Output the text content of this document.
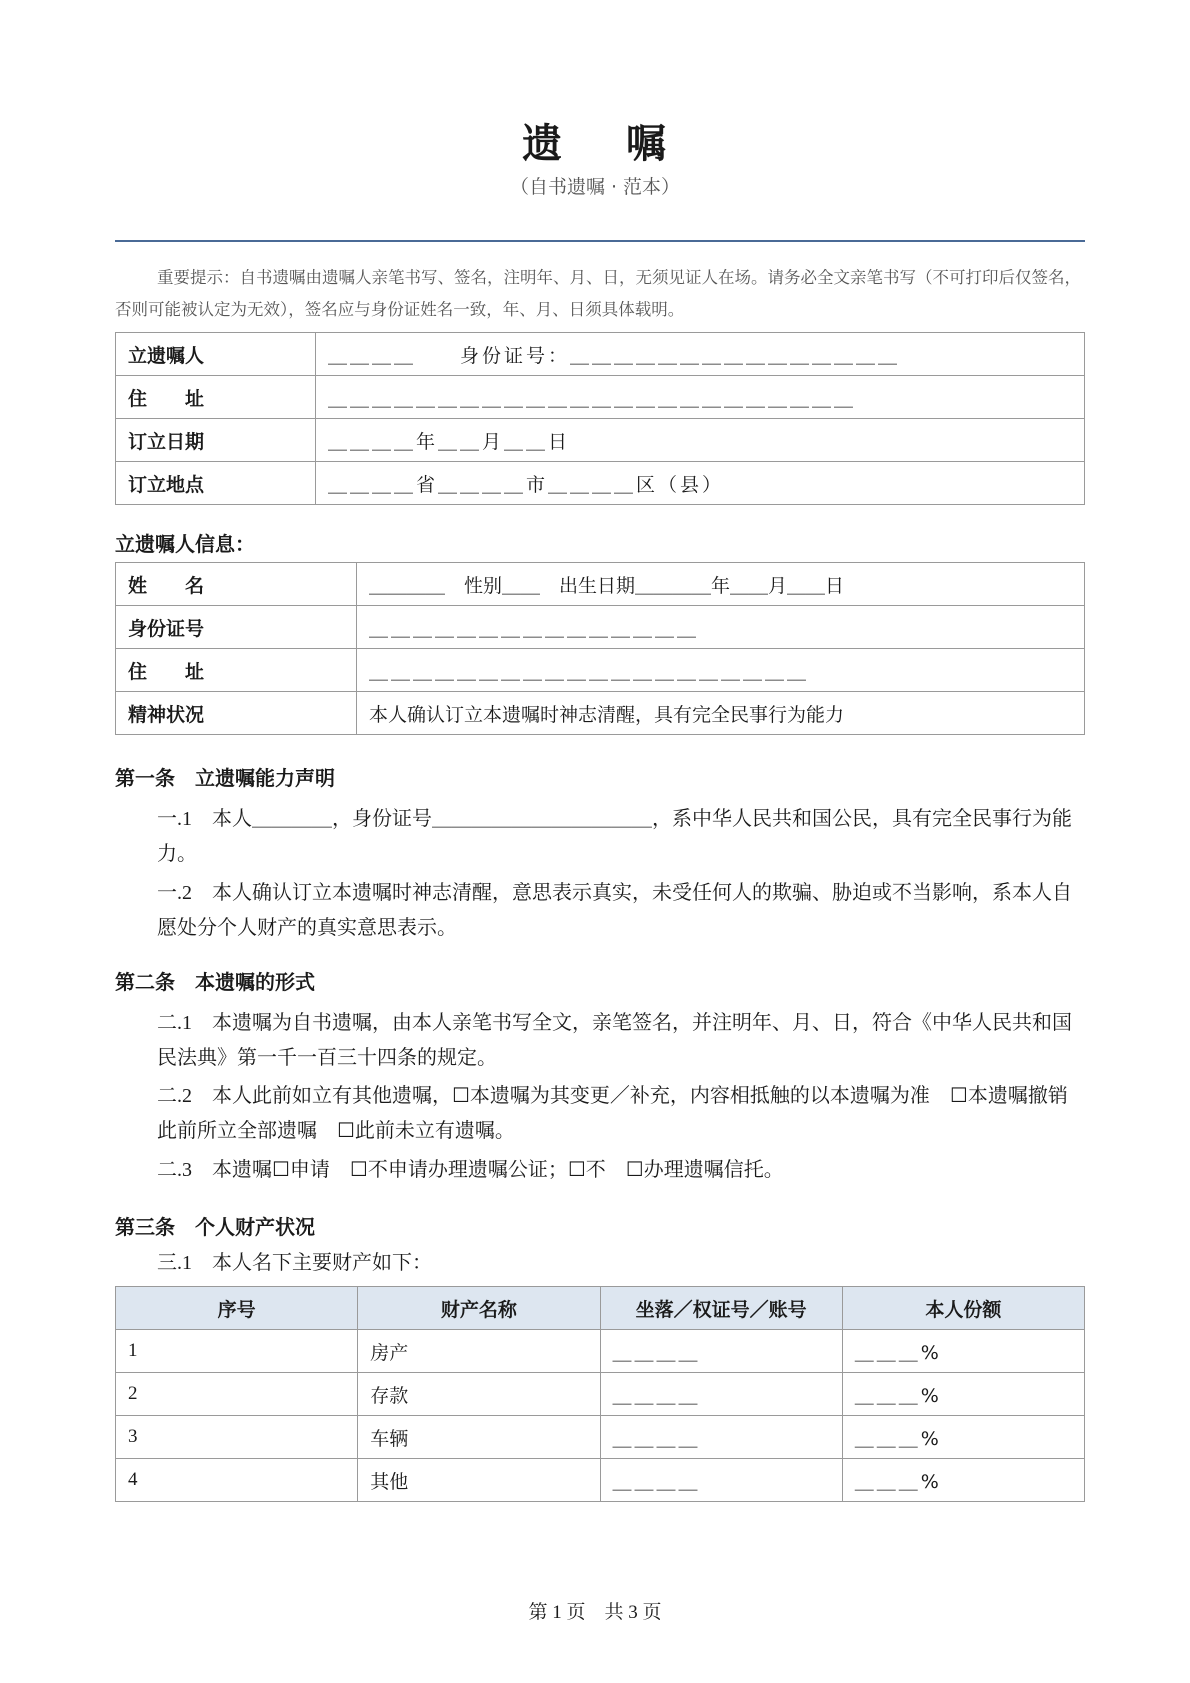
遗 嘱
（自书遗嘱 · 范本）
重要提示：自书遗嘱由遗嘱人亲笔书写、签名，注明年、月、日，无须见证人在场。请务必全文亲笔书写（不可打印后仅签名，否则可能被认定为无效），签名应与身份证姓名一致，年、月、日须具体载明。
立遗嘱人	＿＿＿＿　　身份证号：＿＿＿＿＿＿＿＿＿＿＿＿＿＿＿
住　　址	＿＿＿＿＿＿＿＿＿＿＿＿＿＿＿＿＿＿＿＿＿＿＿＿
订立日期	＿＿＿＿年＿＿月＿＿日
订立地点	＿＿＿＿省＿＿＿＿市＿＿＿＿区（县）
立遗嘱人信息：
姓　　名	＿＿＿＿　性别＿＿　出生日期＿＿＿＿年＿＿月＿＿日
身份证号	＿＿＿＿＿＿＿＿＿＿＿＿＿＿＿
住　　址	＿＿＿＿＿＿＿＿＿＿＿＿＿＿＿＿＿＿＿＿
精神状况	本人确认订立本遗嘱时神志清醒，具有完全民事行为能力
第一条　立遗嘱能力声明
一.1　 本人＿＿＿＿，身份证号＿＿＿＿＿＿＿＿＿＿＿，系中华人民共和国公民，具有完全民事行为能力。
一.2　 本人确认订立本遗嘱时神志清醒，意思表示真实，未受任何人的欺骗、胁迫或不当影响，系本人自愿处分个人财产的真实意思表示。
第二条　本遗嘱的形式
二.1　 本遗嘱为自书遗嘱，由本人亲笔书写全文，亲笔签名，并注明年、月、日，符合《中华人民共和国民法典》第一千一百三十四条的规定。
二.2　 本人此前如立有其他遗嘱，☐本遗嘱为其变更／补充，内容相抵触的以本遗嘱为准　☐本遗嘱撤销此前所立全部遗嘱　☐此前未立有遗嘱。
二.3　 本遗嘱☐申请　☐不申请办理遗嘱公证；☐不　☐办理遗嘱信托。
第三条　个人财产状况
三.1　 本人名下主要财产如下：
序号	财产名称	坐落／权证号／账号	本人份额
1	房产	＿＿＿＿	＿＿＿%
2	存款	＿＿＿＿	＿＿＿%
3	车辆	＿＿＿＿	＿＿＿%
4	其他	＿＿＿＿	＿＿＿%
第 1 页　共 3 页
